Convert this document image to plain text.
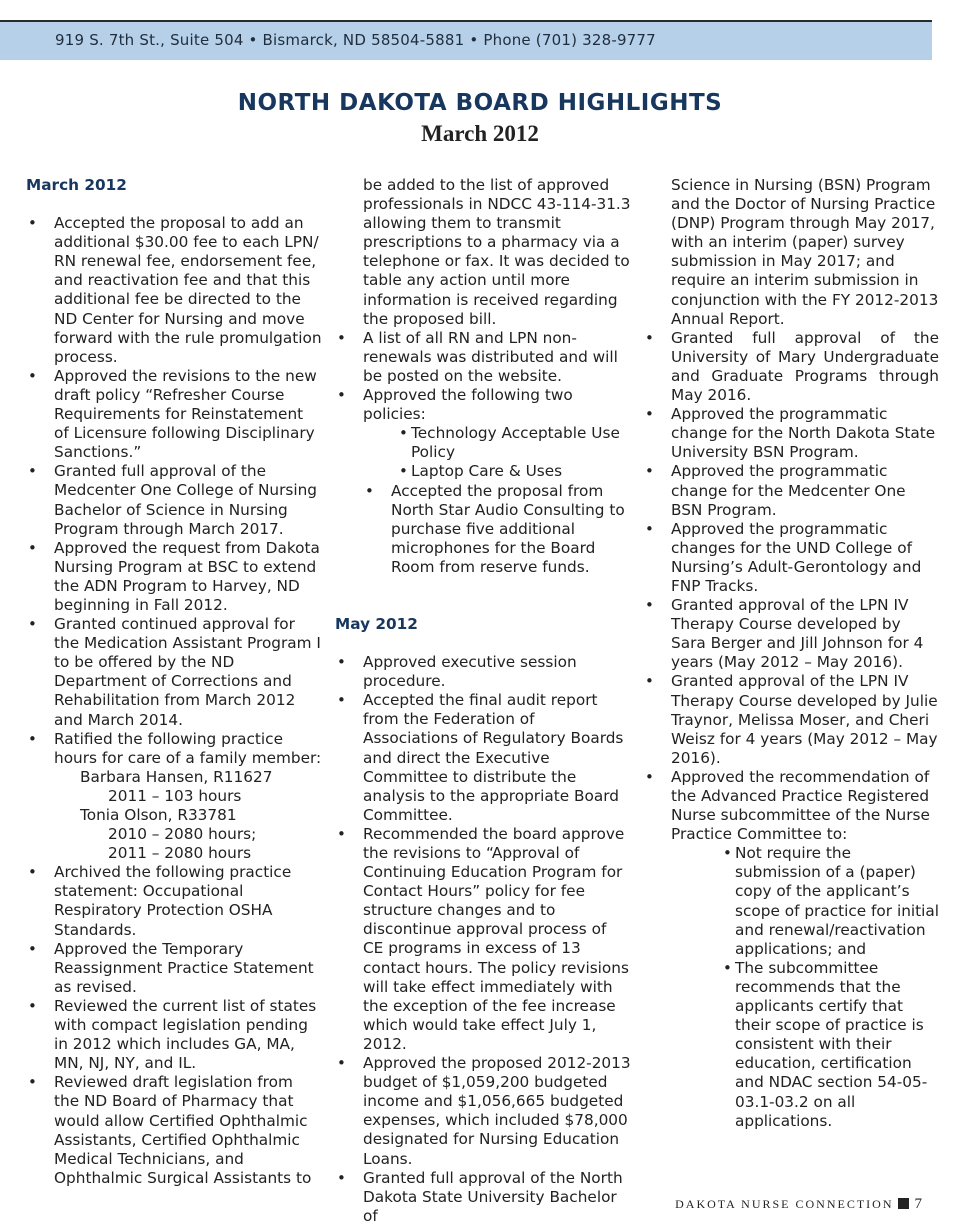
919 S. 7th St., Suite 504 • Bismarck, ND 58504-5881 • Phone (701) 328-9777
NORTH DAKOTA BOARD HIGHLIGHTS
March 2012
March 2012
• Accepted the proposal to add an additional $30.00 fee to each LPN/ RN renewal fee, endorsement fee, and reactivation fee and that this additional fee be directed to the ND Center for Nursing and move forward with the rule promulgation process.
• Approved the revisions to the new draft policy “Refresher Course Requirements for Reinstatement of Licensure following Disciplinary Sanctions.”
• Granted full approval of the Medcenter One College of Nursing Bachelor of Science in Nursing Program through March 2017.
• Approved the request from Dakota Nursing Program at BSC to extend the ADN Program to Harvey, ND beginning in Fall 2012.
• Granted continued approval for the Medication Assistant Program I to be offered by the ND Department of Corrections and Rehabilitation from March 2012 and March 2014.
• Ratified the following practice hours for care of a family member:
Barbara Hansen, R11627
2011 – 103 hours
Tonia Olson, R33781
2010 – 2080 hours;
2011 – 2080 hours
• Archived the following practice statement: Occupational Respiratory Protection OSHA Standards.
• Approved the Temporary Reassignment Practice Statement as revised.
• Reviewed the current list of states with compact legislation pending in 2012 which includes GA, MA, MN, NJ, NY, and IL.
• Reviewed draft legislation from the ND Board of Pharmacy that would allow Certified Ophthalmic Assistants, Certified Ophthalmic Medical Technicians, and Ophthalmic Surgical Assistants to
be added to the list of approved professionals in NDCC 43-114-31.3 allowing them to transmit prescriptions to a pharmacy via a telephone or fax. It was decided to table any action until more information is received regarding the proposed bill.
• A list of all RN and LPN non-renewals was distributed and will be posted on the website.
• Approved the following two policies:
• Technology Acceptable Use Policy
• Laptop Care & Uses
• Accepted the proposal from North Star Audio Consulting to purchase five additional microphones for the Board Room from reserve funds.
May 2012
• Approved executive session procedure.
• Accepted the final audit report from the Federation of Associations of Regulatory Boards and direct the Executive Committee to distribute the analysis to the appropriate Board Committee.
• Recommended the board approve the revisions to “Approval of Continuing Education Program for Contact Hours” policy for fee structure changes and to discontinue approval process of CE programs in excess of 13 contact hours. The policy revisions will take effect immediately with the exception of the fee increase which would take effect July 1, 2012.
• Approved the proposed 2012-2013 budget of $1,059,200 budgeted income and $1,056,665 budgeted expenses, which included $78,000 designated for Nursing Education Loans.
• Granted full approval of the North Dakota State University Bachelor of
Science in Nursing (BSN) Program and the Doctor of Nursing Practice (DNP) Program through May 2017, with an interim (paper) survey submission in May 2017; and require an interim submission in conjunction with the FY 2012-2013 Annual Report.
• Granted full approval of the University of Mary Undergraduate and Graduate Programs through May 2016.
• Approved the programmatic change for the North Dakota State University BSN Program.
• Approved the programmatic change for the Medcenter One BSN Program.
• Approved the programmatic changes for the UND College of Nursing’s Adult-Gerontology and FNP Tracks.
• Granted approval of the LPN IV Therapy Course developed by Sara Berger and Jill Johnson for 4 years (May 2012 – May 2016).
• Granted approval of the LPN IV Therapy Course developed by Julie Traynor, Melissa Moser, and Cheri Weisz for 4 years (May 2012 – May 2016).
• Approved the recommendation of the Advanced Practice Registered Nurse subcommittee of the Nurse Practice Committee to:
• Not require the submission of a (paper) copy of the applicant’s scope of practice for initial and renewal/reactivation applications; and
• The subcommittee recommends that the applicants certify that their scope of practice is consistent with their education, certification and NDAC section 54-05-03.1-03.2 on all applications.
DAKOTA NURSE CONNECTION 7
